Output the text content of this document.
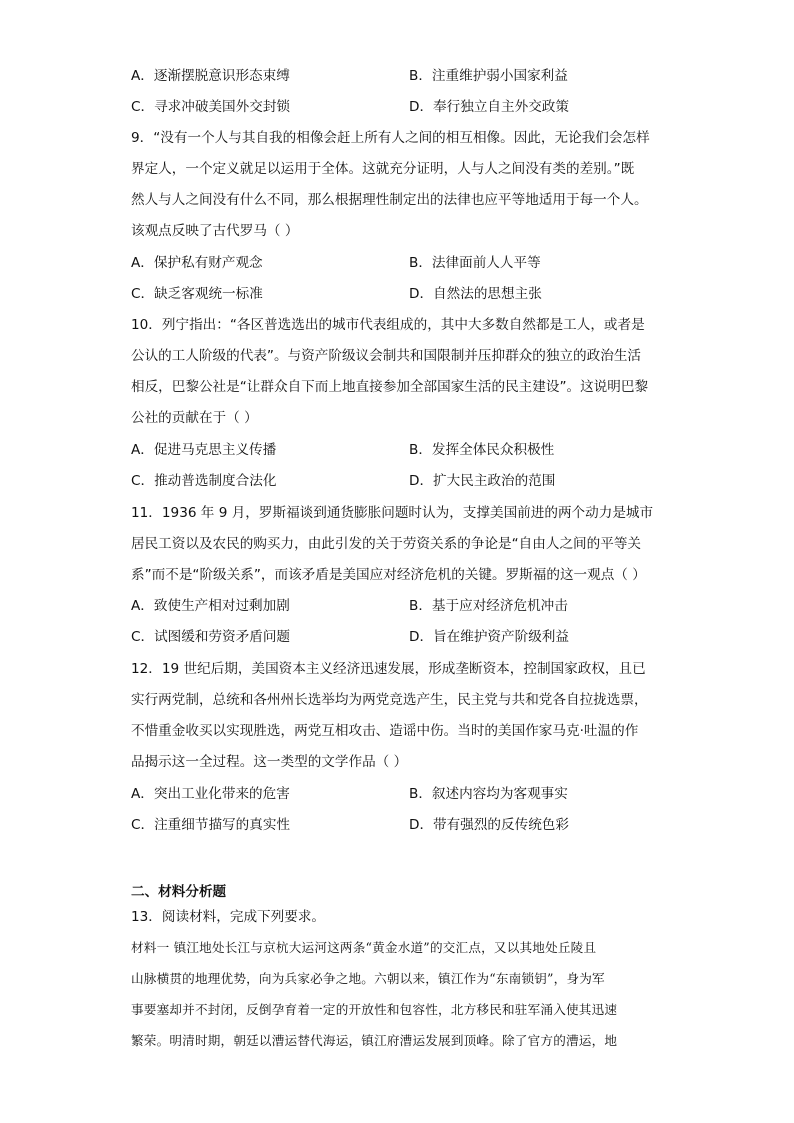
A．逐渐摆脱意识形态束缚	B．注重维护弱小国家利益
C．寻求冲破美国外交封锁	D．奉行独立自主外交政策
9．“没有一个人与其自我的相像会赶上所有人之间的相互相像。因此，无论我们会怎样
界定人，一个定义就足以运用于全体。这就充分证明，人与人之间没有类的差别。”既
然人与人之间没有什么不同，那么根据理性制定出的法律也应平等地适用于每一个人。
该观点反映了古代罗马（ ）
A．保护私有财产观念	B．法律面前人人平等
C．缺乏客观统一标准	D．自然法的思想主张
10．列宁指出：“各区普选选出的城市代表组成的，其中大多数自然都是工人，或者是
公认的工人阶级的代表”。与资产阶级议会制共和国限制并压抑群众的独立的政治生活
相反，巴黎公社是“让群众自下而上地直接参加全部国家生活的民主建设”。这说明巴黎
公社的贡献在于（ ）
A．促进马克思主义传播	B．发挥全体民众积极性
C．推动普选制度合法化	D．扩大民主政治的范围
11．1936 年 9 月，罗斯福谈到通货膨胀问题时认为，支撑美国前进的两个动力是城市
居民工资以及农民的购买力，由此引发的关于劳资关系的争论是“自由人之间的平等关
系”而不是“阶级关系”，而该矛盾是美国应对经济危机的关键。罗斯福的这一观点（ ）
A．致使生产相对过剩加剧	B．基于应对经济危机冲击
C．试图缓和劳资矛盾问题	D．旨在维护资产阶级利益
12．19 世纪后期，美国资本主义经济迅速发展，形成垄断资本，控制国家政权，且已
实行两党制，总统和各州州长选举均为两党竞选产生，民主党与共和党各自拉拢选票，
不惜重金收买以实现胜选，两党互相攻击、造谣中伤。当时的美国作家马克·吐温的作
品揭示这一全过程。这一类型的文学作品（ ）
A．突出工业化带来的危害	B．叙述内容均为客观事实
C．注重细节描写的真实性	D．带有强烈的反传统色彩
二、材料分析题
13．阅读材料，完成下列要求。
材料一 镇江地处长江与京杭大运河这两条“黄金水道”的交汇点，又以其地处丘陵且
山脉横贯的地理优势，向为兵家必争之地。六朝以来，镇江作为“东南锁钥”，身为军
事要塞却并不封闭，反倒孕育着一定的开放性和包容性，北方移民和驻军涌入使其迅速
繁荣。明清时期，朝廷以漕运替代海运，镇江府漕运发展到顶峰。除了官方的漕运，地
